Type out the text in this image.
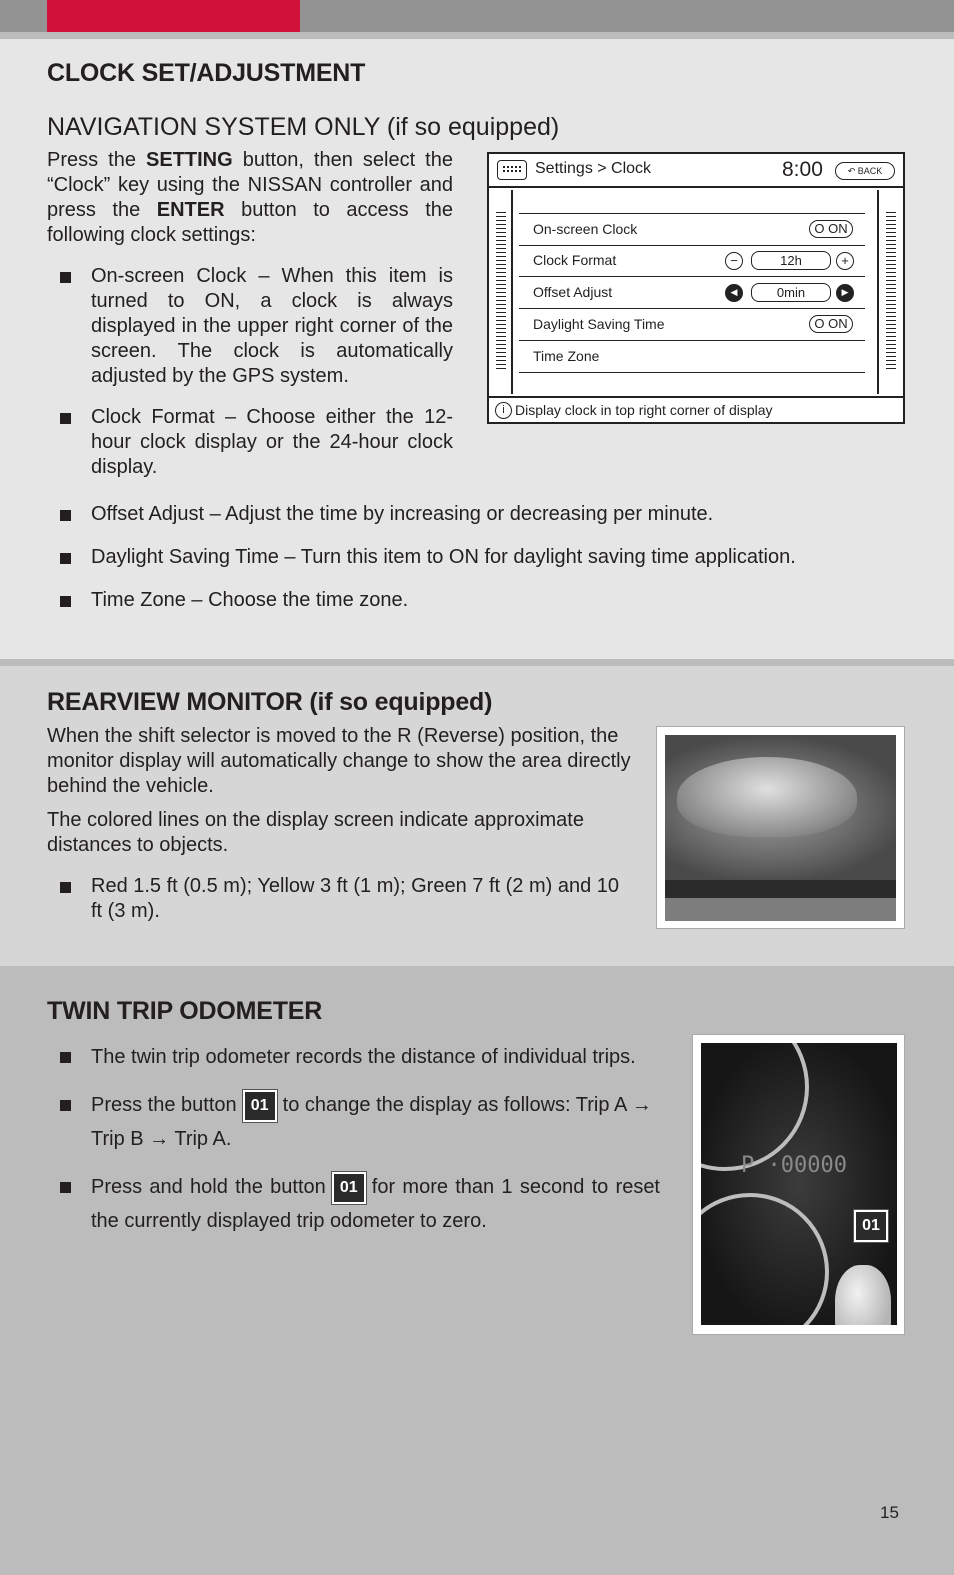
CLOCK SET/ADJUSTMENT
NAVIGATION SYSTEM ONLY (if so equipped)

Press the SETTING button, then select the “Clock” key using the NISSAN controller and press the ENTER button to access the following clock settings:

On-screen Clock – When this item is turned to ON, a clock is always displayed in the upper right corner of the screen. The clock is automatically adjusted by the GPS system.
Clock Format – Choose either the 12-hour clock display or the 24-hour clock display.
Offset Adjust – Adjust the time by increasing or decreasing per minute.
Daylight Saving Time – Turn this item to ON for daylight saving time application.
Time Zone – Choose the time zone.
Settings > Clock	8:00	↶ BACK
On-screen Clock	O ON
Clock Format	−	12h	+
Offset Adjust	◀	0min	▶
Daylight Saving Time	O ON
Time Zone
i Display clock in top right corner of display
REARVIEW MONITOR (if so equipped)

When the shift selector is moved to the R (Reverse) position, the monitor display will automatically change to show the area directly behind the vehicle.

The colored lines on the display screen indicate approximate distances to objects.

Red 1.5 ft (0.5 m); Yellow 3 ft (1 m); Green 7 ft (2 m) and 10 ft (3 m).
TWIN TRIP ODOMETER
The twin trip odometer records the distance of individual trips.
Press the button 01 to change the display as follows: Trip A → Trip B → Trip A.
Press and hold the button 01 for more than 1 second to reset the currently displayed trip odometer to zero.
P ·00000
01
15
